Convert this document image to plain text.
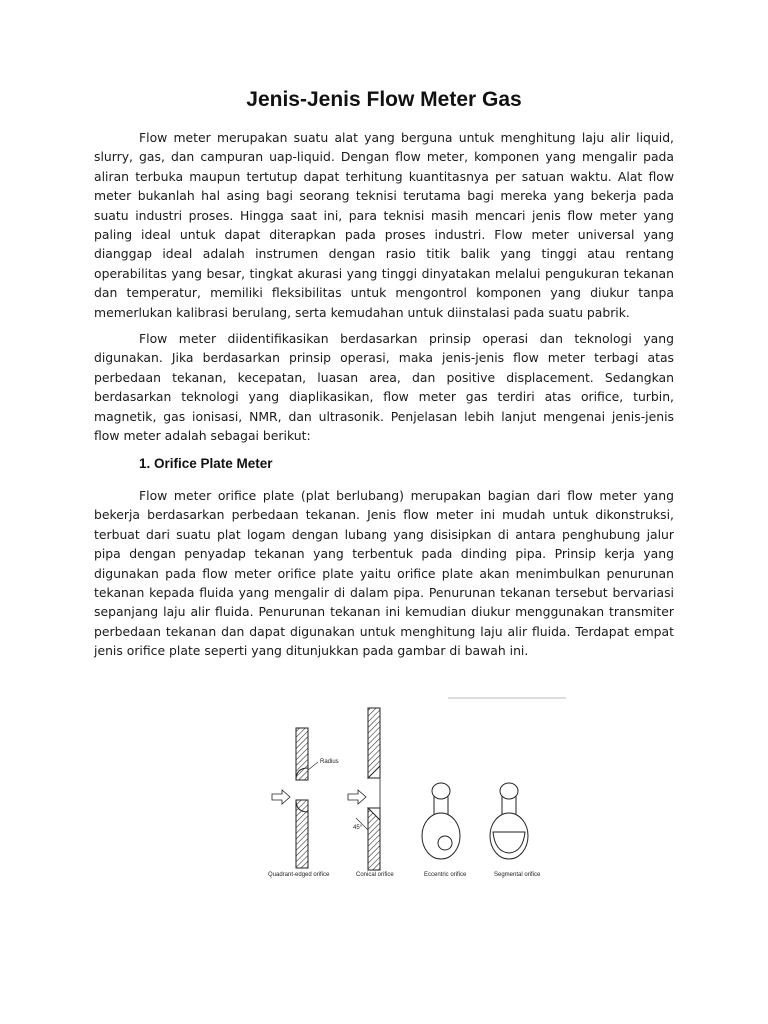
Jenis-Jenis Flow Meter Gas

Flow meter merupakan suatu alat yang berguna untuk menghitung laju alir liquid, slurry, gas, dan campuran uap-liquid. Dengan flow meter, komponen yang mengalir pada aliran terbuka maupun tertutup dapat terhitung kuantitasnya per satuan waktu. Alat flow meter bukanlah hal asing bagi seorang teknisi terutama bagi mereka yang bekerja pada suatu industri proses. Hingga saat ini, para teknisi masih mencari jenis flow meter yang paling ideal untuk dapat diterapkan pada proses industri. Flow meter universal yang dianggap ideal adalah instrumen dengan rasio titik balik yang tinggi atau rentang operabilitas yang besar, tingkat akurasi yang tinggi dinyatakan melalui pengukuran tekanan dan temperatur, memiliki fleksibilitas untuk mengontrol komponen yang diukur tanpa memerlukan kalibrasi berulang, serta kemudahan untuk diinstalasi pada suatu pabrik.

Flow meter diidentifikasikan berdasarkan prinsip operasi dan teknologi yang digunakan. Jika berdasarkan prinsip operasi, maka jenis-jenis flow meter terbagi atas perbedaan tekanan, kecepatan, luasan area, dan positive displacement. Sedangkan berdasarkan teknologi yang diaplikasikan, flow meter gas terdiri atas orifice, turbin, magnetik, gas ionisasi, NMR, dan ultrasonik. Penjelasan lebih lanjut mengenai jenis-jenis flow meter adalah sebagai berikut:

1. Orifice Plate Meter

Flow meter orifice plate (plat berlubang) merupakan bagian dari flow meter yang bekerja berdasarkan perbedaan tekanan. Jenis flow meter ini mudah untuk dikonstruksi, terbuat dari suatu plat logam dengan lubang yang disisipkan di antara penghubung jalur pipa dengan penyadap tekanan yang terbentuk pada dinding pipa. Prinsip kerja yang digunakan pada flow meter orifice plate yaitu orifice plate akan menimbulkan penurunan tekanan kepada fluida yang mengalir di dalam pipa. Penurunan tekanan tersebut bervariasi sepanjang laju alir fluida. Penurunan tekanan ini kemudian diukur menggunakan transmiter perbedaan tekanan dan dapat digunakan untuk menghitung laju alir fluida. Terdapat empat jenis orifice plate seperti yang ditunjukkan pada gambar di bawah ini.

Radius
Quadrant-edged orifice
45°
Conical orifice	Eccentric orifice	Segmental orifice
